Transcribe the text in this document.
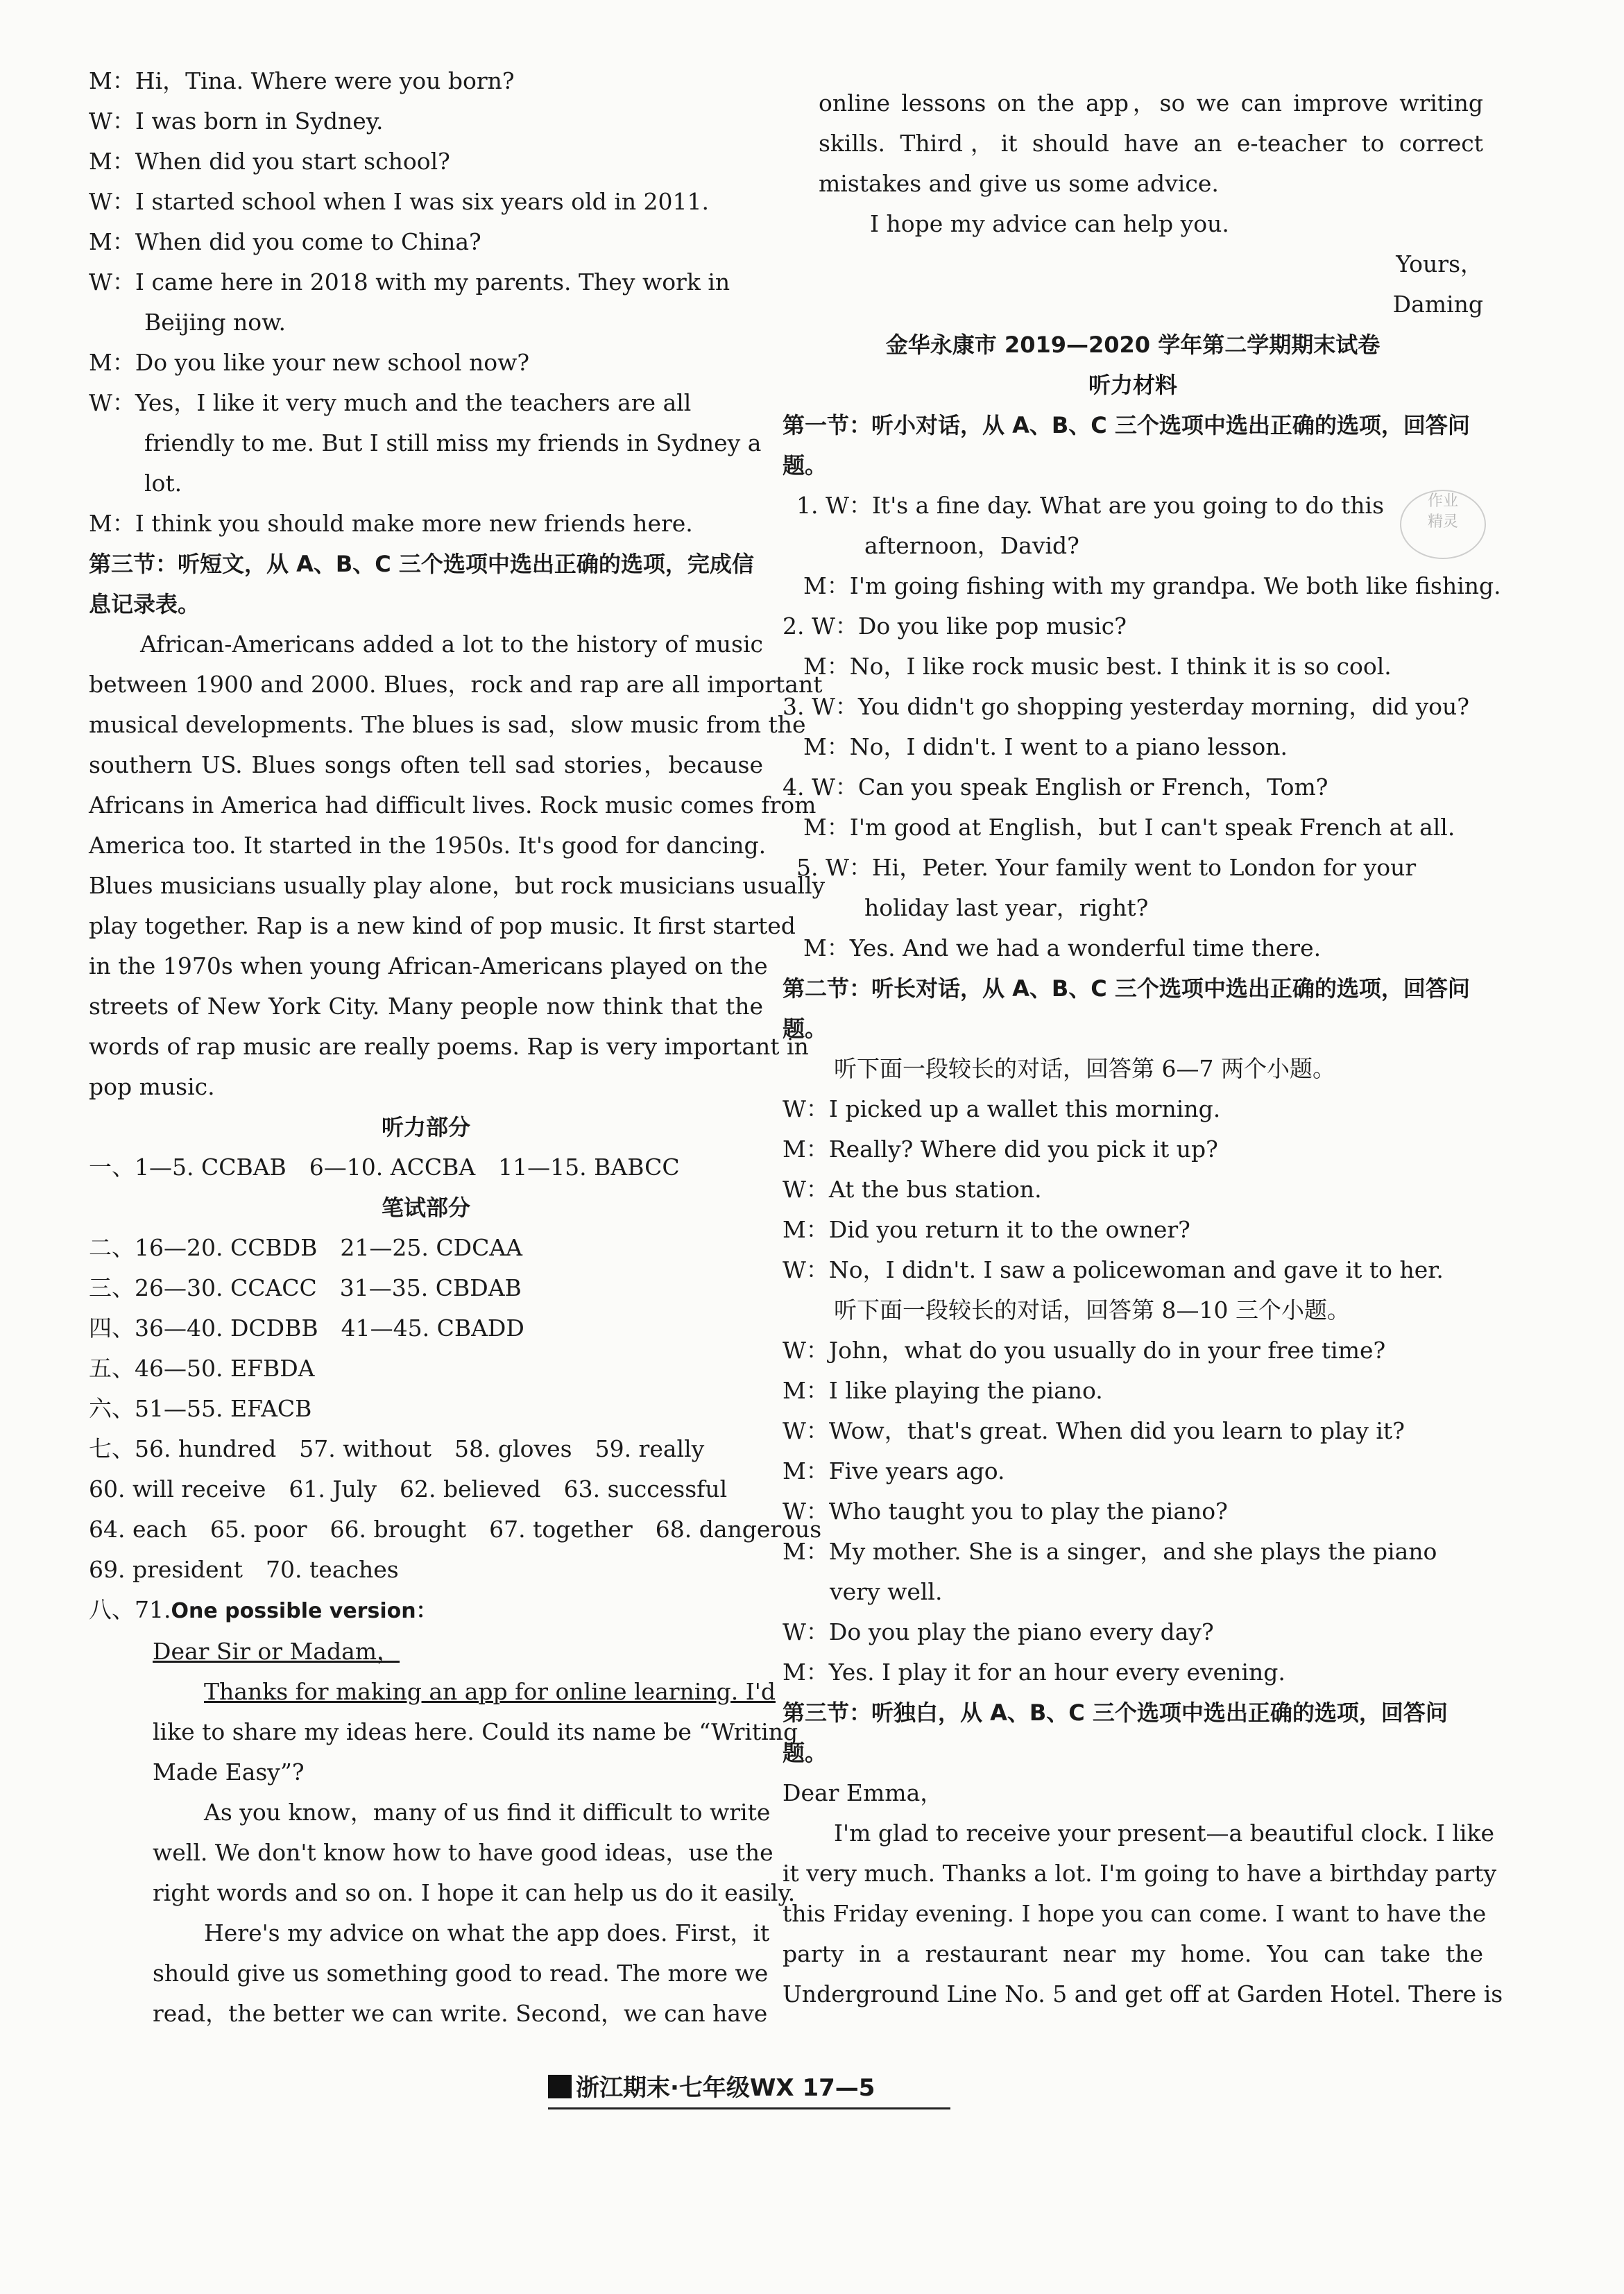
M：Hi，Tina. Where were you born?
W：I was born in Sydney.
M：When did you start school?
W：I started school when I was six years old in 2011.
M：When did you come to China?
W：I came here in 2018 with my parents. They work in Beijing now.
M：Do you like your new school now?
W：Yes，I like it very much and the teachers are all friendly to me. But I still miss my friends in Sydney a lot.
M：I think you should make more new friends here.
第三节：听短文，从 A、B、C 三个选项中选出正确的选项，完成信息记录表。
African-Americans added a lot to the history of music
between 1900 and 2000. Blues，rock and rap are all important
musical developments. The blues is sad，slow music from the
southern US. Blues songs often tell sad stories，because
Africans in America had difficult lives. Rock music comes from
America too. It started in the 1950s. It's good for dancing.
Blues musicians usually play alone，but rock musicians usually
play together. Rap is a new kind of pop music. It first started
in the 1970s when young African-Americans played on the
streets of New York City. Many people now think that the
words of rap music are really poems. Rap is very important in
pop music.
听力部分
一、1—5. CCBAB　6—10. ACCBA　11—15. BABCC
笔试部分
二、16—20. CCBDB　21—25. CDCAA
三、26—30. CCACC　31—35. CBDAB
四、36—40. DCDBB　41—45. CBADD
五、46—50. EFBDA
六、51—55. EFACB
七、56. hundred　57. without　58. gloves　59. really
60. will receive　61. July　62. believed　63. successful
64. each　65. poor　66. brought　67. together　68. dangerous
69. president　70. teaches
八、71.One possible version：
Dear Sir or Madam，
Thanks for making an app for online learning. I'd
like to share my ideas here. Could its name be “Writing
Made Easy”?
As you know，many of us find it difficult to write
well. We don't know how to have good ideas，use the
right words and so on. I hope it can help us do it easily.
Here's my advice on what the app does. First，it
should give us something good to read. The more we
read，the better we can write. Second，we can have
online lessons on the app，so we can improve writing
skills. Third，it should have an e-teacher to correct
mistakes and give us some advice.
I hope my advice can help you.
Yours，
Daming
金华永康市 2019—2020 学年第二学期期末试卷
听力材料
第一节：听小对话，从 A、B、C 三个选项中选出正确的选项，回答问题。
1. W：It's a fine day. What are you going to do this afternoon，David?
M：I'm going fishing with my grandpa. We both like fishing.
2. W：Do you like pop music?
M：No，I like rock music best. I think it is so cool.
3. W：You didn't go shopping yesterday morning，did you?
M：No，I didn't. I went to a piano lesson.
4. W：Can you speak English or French，Tom?
M：I'm good at English，but I can't speak French at all.
5. W：Hi，Peter. Your family went to London for your holiday last year，right?
M：Yes. And we had a wonderful time there.
第二节：听长对话，从 A、B、C 三个选项中选出正确的选项，回答问题。
听下面一段较长的对话，回答第 6—7 两个小题。
W：I picked up a wallet this morning.
M：Really? Where did you pick it up?
W：At the bus station.
M：Did you return it to the owner?
W：No，I didn't. I saw a policewoman and gave it to her.
听下面一段较长的对话，回答第 8—10 三个小题。
W：John，what do you usually do in your free time?
M：I like playing the piano.
W：Wow，that's great. When did you learn to play it?
M：Five years ago.
W：Who taught you to play the piano?
M：My mother. She is a singer，and she plays the piano very well.
W：Do you play the piano every day?
M：Yes. I play it for an hour every evening.
第三节：听独白，从 A、B、C 三个选项中选出正确的选项，回答问题。
Dear Emma，
I'm glad to receive your present—a beautiful clock. I like
it very much. Thanks a lot. I'm going to have a birthday party
this Friday evening. I hope you can come. I want to have the
party in a restaurant near my home. You can take the
Underground Line No. 5 and get off at Garden Hotel. There is
作业
精灵
浙江期末·七年级WX 17—5
